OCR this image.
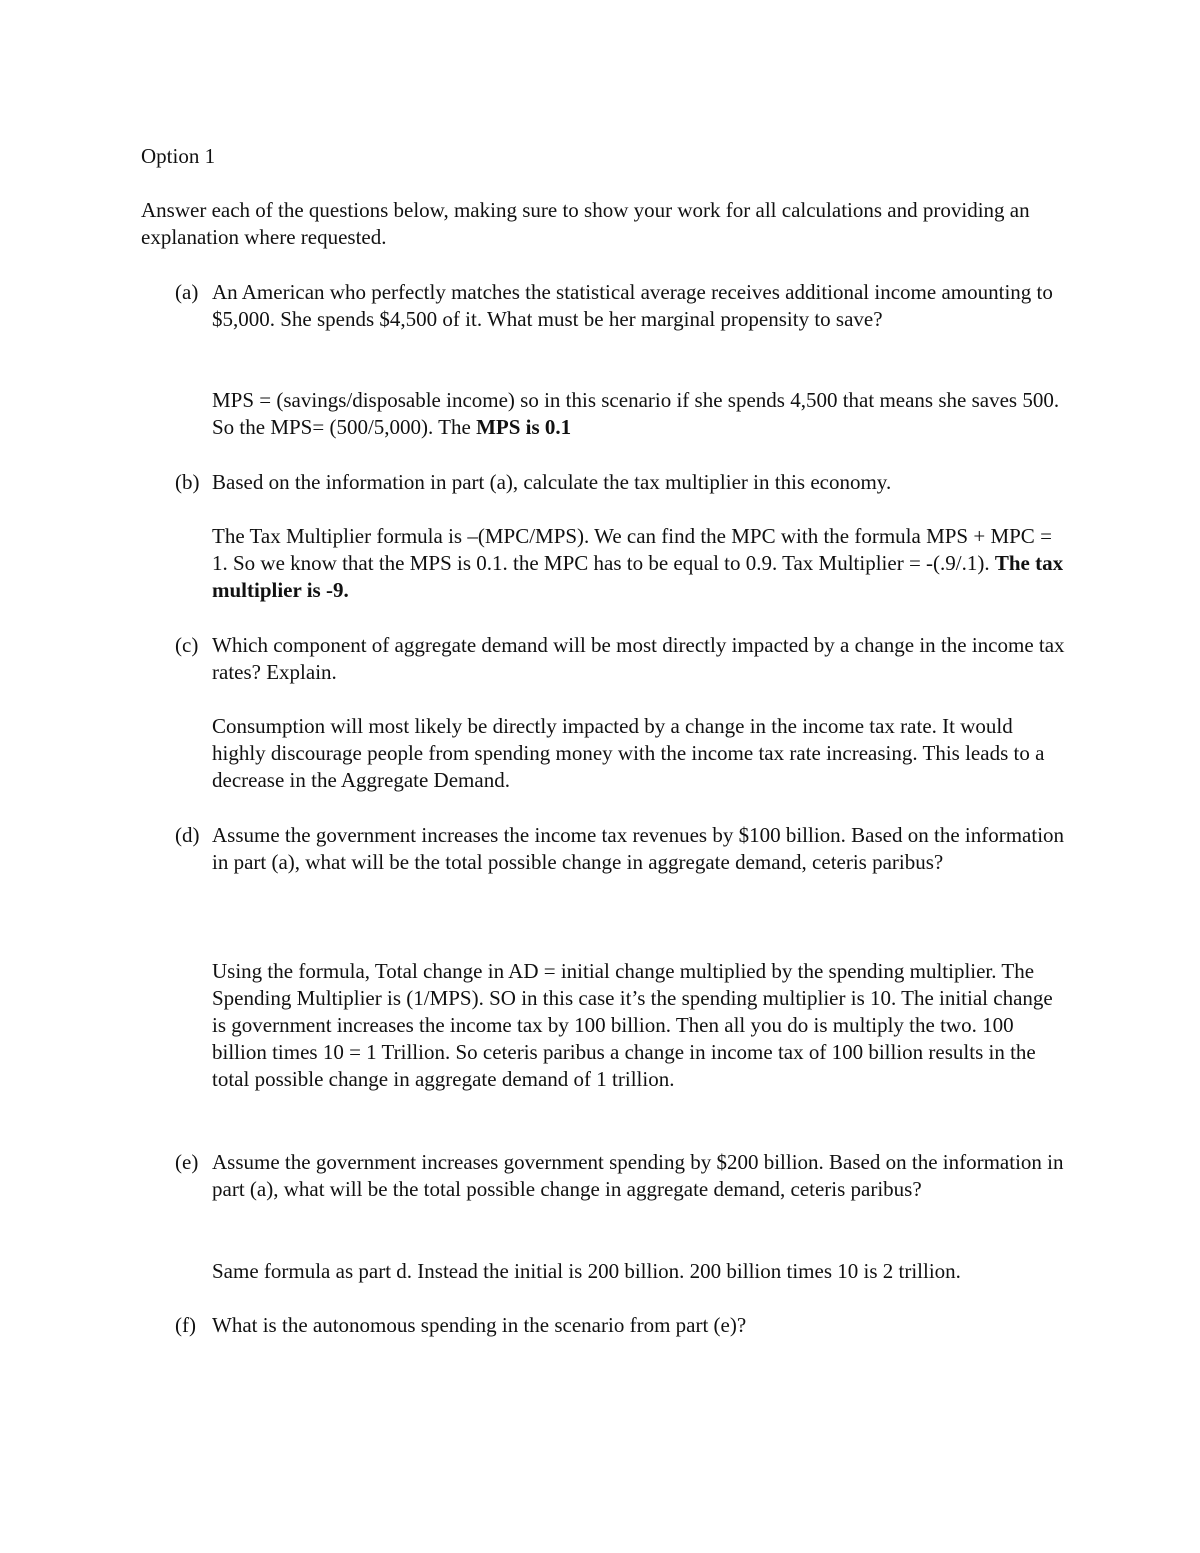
Option 1

Answer each of the questions below, making sure to show your work for all calculations and providing an explanation where requested.

(a) An American who perfectly matches the statistical average receives additional income amounting to $5,000. She spends $4,500 of it. What must be her marginal propensity to save?

MPS = (savings/disposable income) so in this scenario if she spends 4,500 that means she saves 500. So the MPS= (500/5,000). The MPS is 0.1

(b) Based on the information in part (a), calculate the tax multiplier in this economy.

The Tax Multiplier formula is –(MPC/MPS). We can find the MPC with the formula MPS + MPC = 1. So we know that the MPS is 0.1. the MPC has to be equal to 0.9. Tax Multiplier = -(.9/.1). The tax multiplier is -9.

(c) Which component of aggregate demand will be most directly impacted by a change in the income tax rates? Explain.

Consumption will most likely be directly impacted by a change in the income tax rate. It would highly discourage people from spending money with the income tax rate increasing. This leads to a decrease in the Aggregate Demand.

(d) Assume the government increases the income tax revenues by $100 billion. Based on the information in part (a), what will be the total possible change in aggregate demand, ceteris paribus?

Using the formula, Total change in AD = initial change multiplied by the spending multiplier. The Spending Multiplier is (1/MPS). SO in this case it’s the spending multiplier is 10. The initial change is government increases the income tax by 100 billion. Then all you do is multiply the two. 100 billion times 10 = 1 Trillion. So ceteris paribus a change in income tax of 100 billion results in the total possible change in aggregate demand of 1 trillion.

(e) Assume the government increases government spending by $200 billion. Based on the information in part (a), what will be the total possible change in aggregate demand, ceteris paribus?

Same formula as part d. Instead the initial is 200 billion. 200 billion times 10 is 2 trillion.

(f) What is the autonomous spending in the scenario from part (e)?
